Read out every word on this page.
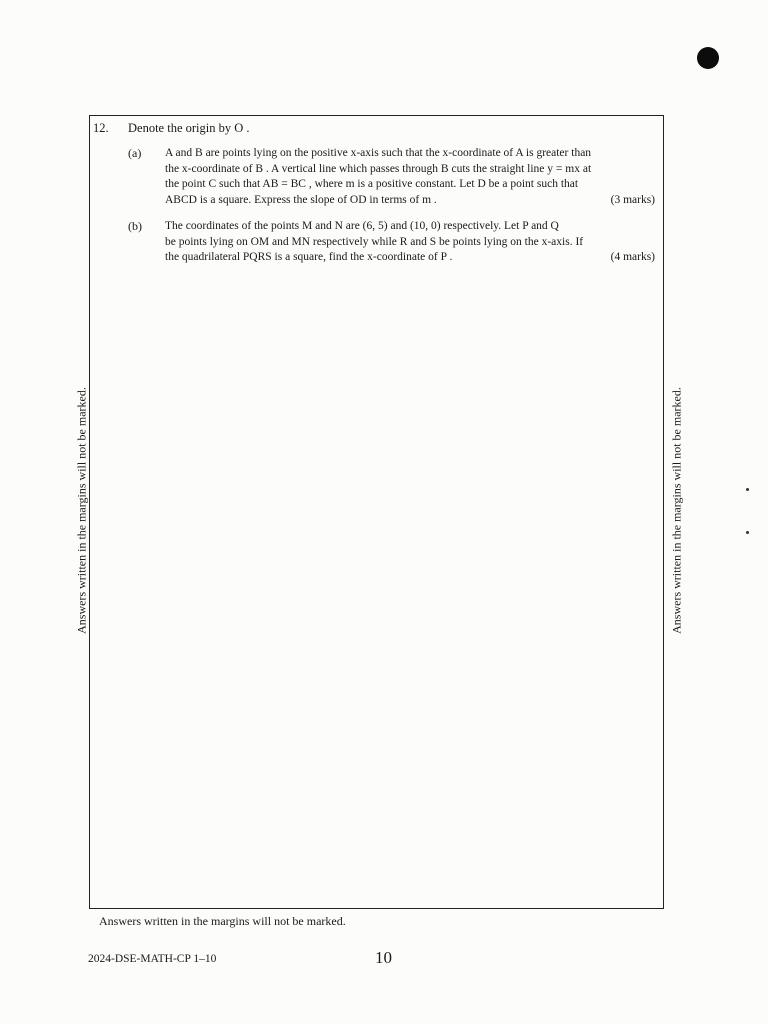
Answers written in the margins will not be marked.	Answers written in the margins will not be marked.
12. Denote the origin by O .
(a) A and B are points lying on the positive x-axis such that the x-coordinate of A is greater than
the x-coordinate of B . A vertical line which passes through B cuts the straight line y = mx at
the point C such that AB = BC , where m is a positive constant. Let D be a point such that
ABCD is a square. Express the slope of OD in terms of m .	(3 marks)
(b) The coordinates of the points M and N are (6, 5) and (10, 0) respectively. Let P and Q
be points lying on OM and MN respectively while R and S be points lying on the x-axis. If
the quadrilateral PQRS is a square, find the x-coordinate of P .	(4 marks)
Answers written in the margins will not be marked.
2024-DSE-MATH-CP 1–10	10
